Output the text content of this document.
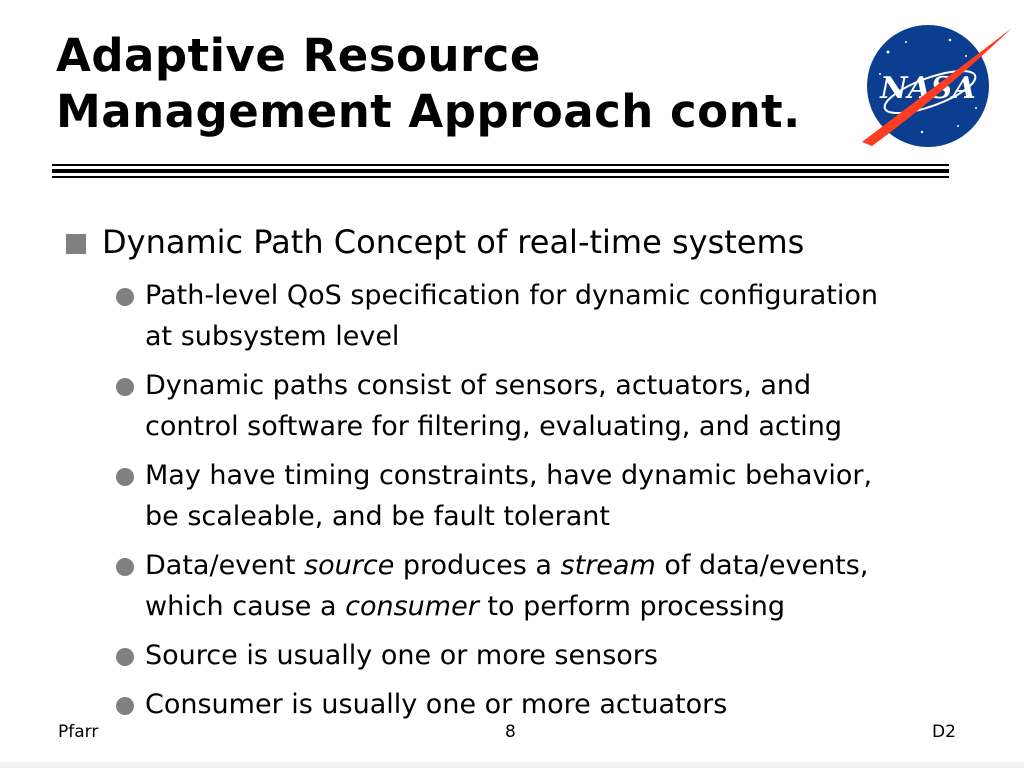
Adaptive Resource
Management Approach cont.	NASA
Dynamic Path Concept of real-time systems
Path-level QoS specification for dynamic configuration
at subsystem level
Dynamic paths consist of sensors, actuators, and
control software for filtering, evaluating, and acting
May have timing constraints, have dynamic behavior,
be scaleable, and be fault tolerant
Data/event source produces a stream of data/events,
which cause a consumer to perform processing
Source is usually one or more sensors
Consumer is usually one or more actuators
Pfarr	8	D2
